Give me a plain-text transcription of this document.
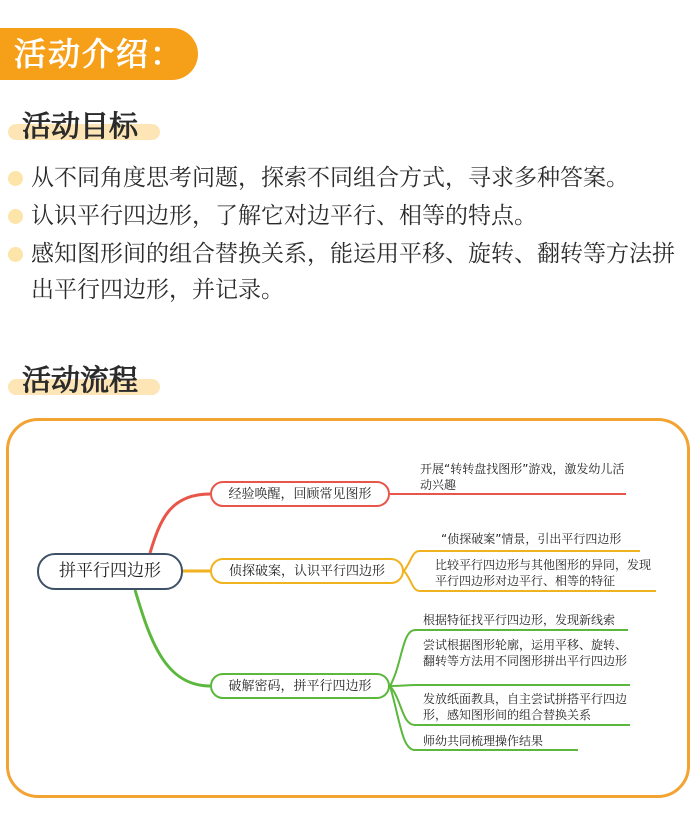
活动介绍：
活动目标
从不同角度思考问题，探索不同组合方式，寻求多种答案。
认识平行四边形，了解它对边平行、相等的特点。
感知图形间的组合替换关系，能运用平移、旋转、翻转等方法拼出平行四边形，并记录。
活动流程
拼平行四边形
经验唤醒，回顾常见图形
侦探破案，认识平行四边形
破解密码，拼平行四边形
开展“转转盘找图形”游戏，激发幼儿活动兴趣
“侦探破案”情景，引出平行四边形
比较平行四边形与其他图形的异同，发现平行四边形对边平行、相等的特征
根据特征找平行四边形，发现新线索
尝试根据图形轮廓，运用平移、旋转、翻转等方法用不同图形拼出平行四边形
发放纸面教具，自主尝试拼搭平行四边形，感知图形间的组合替换关系
师幼共同梳理操作结果
